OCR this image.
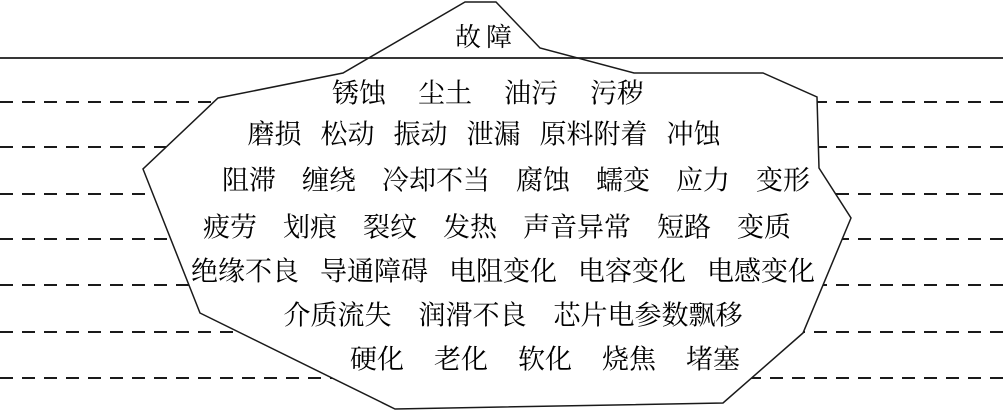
故障
锈蚀 尘土 油污 污秽
磨损 松动 振动 泄漏 原料附着 冲蚀
阻滞 缠绕 冷却不当 腐蚀 蠕变 应力 变形
疲劳 划痕 裂纹 发热 声音异常 短路 变质
绝缘不良 导通障碍 电阻变化 电容变化 电感变化
介质流失 润滑不良 芯片电参数飘移
硬化 老化 软化 烧焦 堵塞
